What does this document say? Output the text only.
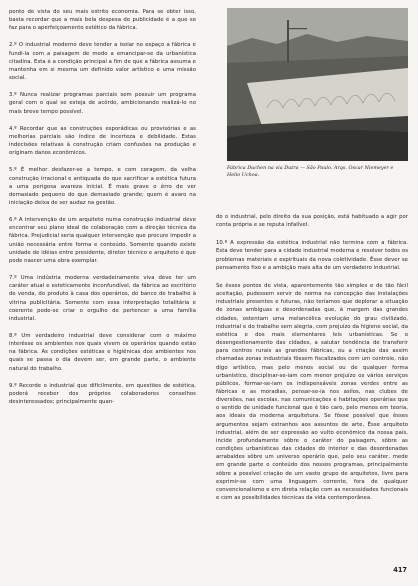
ponto de vista do seu mais estrito economia. Para se obter isso, basta recordar que a mais bela despesa de publicidade é a que se faz para o aperfeiçoamento estético da fábrica.

2.º O industrial moderno deve tender a isolar no espaço a fábrica e fundi-la com a paisagem de modo a emancipar-se da urbanística citadina. Esta é a condição principal a fim de que a fábrica assuma e mantenha em si mesma um definido valor artístico e uma missão social.

3.º Nunca realizar programas parciais sem possuir um programa geral com o qual se esteja de acôrdo, ambicionando realizá-lo no mais breve tempo possível.

4.º Recordar que as construções esporádicas ou provisórias e as melhorias parciais são índice de incerteza e debilidade. Estas indecisões relativas à construção criam confusões na produção e originam danos econômicos.

5.º É melhor desfazer-se a tempo, e com coragem, da velha construção irracional e antiquada do que sacrificar a estética futura a uma perigosa avareza inicial. É mais grave o êrro de ver demasiado pequeno do que demasiado grande; quem é avaro na iniciação deixa de ser audaz na gestão.

6.º A intervenção de um arquiteto numa construção industrial deve encontrar seu plano ideal de colaboração com a direção técnica da fábrica. Prejudicial seria qualquer intervenção que procure impedir a união necessária entre forma e conteúdo. Somente quando existe unidade de idéias entre presidente, diretor técnico e arquiteto é que pode nascer uma obra exemplar.

7.º Uma indústria moderna verdadeiramente viva deve ter um caráter atual e esteticamente inconfundível, da fábrica ao escritório de venda, do produto à casa dos operários, do banco de trabalho à vitrina publicitária. Somente com essa interpretação totalitária e coerente pode-se criar o orgulho de pertencer a uma família industrial.

8.º Um verdadeiro industrial deve considerar com o máximo interêsse os ambientes nos quais vivem os operários quando estão na fábrica. As condições estéticas e higiênicas dos ambientes nos quais se passa o dia devem ser, em grande parte, o ambiente natural do trabalho.

9.º Recorde o industrial que dificilmente, em questões de estética, poderá receber dos próprios colaboradores conselhos desinteressados; principalmente quan-

Fábrica Duchen na via Dutra — São Paulo. Arqs. Oscar Niemeyer e Helio Uchoa.

do o industrial, pelo direito da sua posição, está habituado a agir por conta própria e se reputa infalível.

10.º A expressão da estética industrial não termina com a fábrica. Esta deve tender para a cidade industrial moderna e resolver todos os problemas materiais e espirituais da nova coletividade. Êsse dever se pensamento fixo e a ambição mais alta de um verdadeiro industrial.

Se êsses pontos de vista, aparentemente tão simples e de tão fácil aceitação, pudessem servir de norma na concepção das instalações industriais presentes e futuras, não teríamos que deplorar a situação de zonas ambíguas e desordenadas que, à margem das grandes cidades, ostentam uma melancólica evolução do grau civilizado, industrial e do trabalho sem alegria, com prejuízo da higiene social, da estética e dos mais elementares leis urbanísticas. Se o desengestionamento das cidades, a salutar tendência de transferir para centros rurais as grandes fábricas, ou a criação das assim chamadas zonas industriais fôssem fiscalizados com um controle, não digo artístico, mas pelo menos social ou de qualquer forma urbanístico, disciplinar-se-iam com menor prejuízo os vários serviços públicos, formar-se-iam os indispensáveis zonas verdes entre as fábricas e as moradias, pensar-se-ia nos asilos, nas clubes de diversões, nas escolas, nas comunicações e habitações operárias que o sentido de unidade funcional que é tão caro, pelo menos em teoria, aos ideais da moderna arquitetura. Se fôsse possível que êsses argumentos sejam estranhos aos assuntos de arte, Êsse arquiteto industrial, além de ser expressão ao vulto econômico da nossa país, incide profundamente sôbre o caráter do paisagem, sôbre as condições urbanísticas das cidades do interior e das desordenadas arrabaldes sôbre um universo operário que, pelo seu caráter, mede em grande parte o conteúdo dos nossos programas, principalmente sôbre a possível criação de um vasto grupo de arquitetos, livre para exprimir-se com uma linguagem corrente, fora de qualquer convencionalismo e em direta relação com as necessidades funcionais e com as possibilidades técnicas da vida contemporânea.

417
